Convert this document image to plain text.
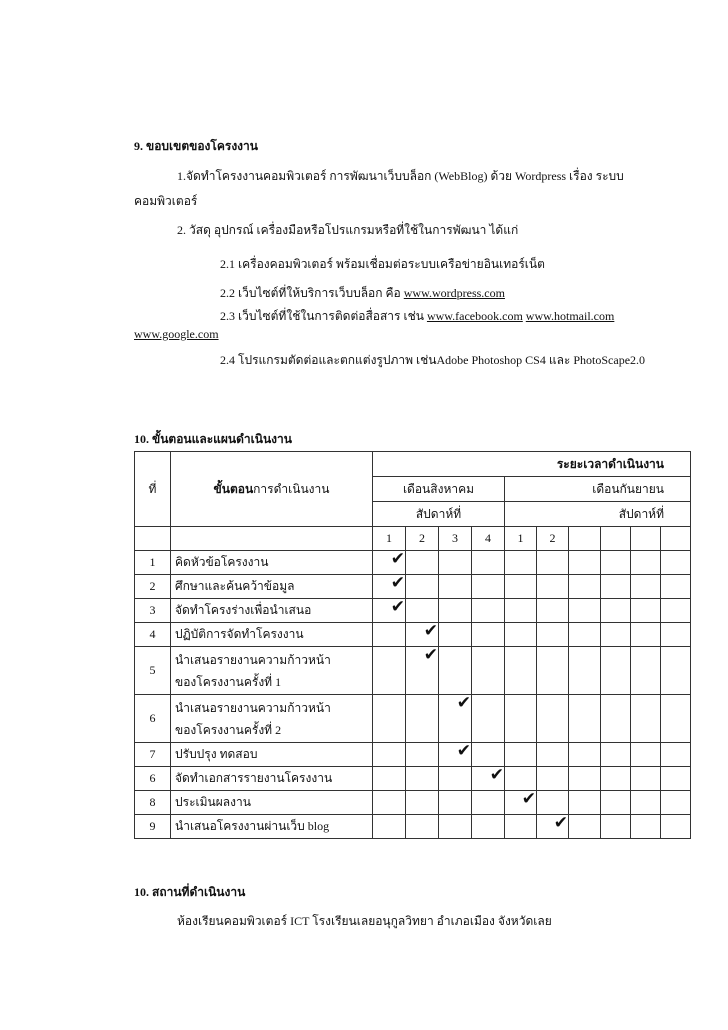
9. ขอบเขตของโครงงาน
1.จัดทำโครงงานคอมพิวเตอร์ การพัฒนาเว็บบล็อก (WebBlog) ด้วย Wordpress เรื่อง ระบบ
คอมพิวเตอร์
2. วัสดุ อุปกรณ์ เครื่องมือหรือโปรแกรมหรือที่ใช้ในการพัฒนา ได้แก่
2.1 เครื่องคอมพิวเตอร์ พร้อมเชื่อมต่อระบบเครือข่ายอินเทอร์เน็ต
2.2 เว็บไซต์ที่ให้บริการเว็บบล็อก คือ www.wordpress.com
2.3 เว็บไซต์ที่ใช้ในการติดต่อสื่อสาร เช่น www.facebook.com www.hotmail.com
www.google.com
2.4 โปรแกรมตัดต่อและตกแต่งรูปภาพ เช่นAdobe Photoshop CS4 และ PhotoScape2.0
10. ขั้นตอนและแผนดำเนินงาน
ที่	ขั้นตอนการดำเนินงาน	ระยะเวลาดำเนินงาน									
		เดือนสิงหาคม				เดือนกันยายน					
		สัปดาห์ที่				สัปดาห์ที่					
		1	2	3	4	1	2				
1	คิดหัวข้อโครงงาน	✔									
2	ศึกษาและค้นคว้าข้อมูล	✔									
3	จัดทำโครงร่างเพื่อนำเสนอ	✔									
4	ปฏิบัติการจัดทำโครงงาน		✔								
5	นำเสนอรายงานความก้าวหน้า
ของโครงงานครั้งที่ 1		✔								
6	นำเสนอรายงานความก้าวหน้า
ของโครงงานครั้งที่ 2			✔							
7	ปรับปรุง ทดสอบ			✔							
6	จัดทำเอกสารรายงานโครงงาน				✔						
8	ประเมินผลงาน					✔					
9	นำเสนอโครงงานผ่านเว็บ blog						✔				
10. สถานที่ดำเนินงาน
ห้องเรียนคอมพิวเตอร์ ICT โรงเรียนเลยอนุกูลวิทยา อำเภอเมือง จังหวัดเลย
